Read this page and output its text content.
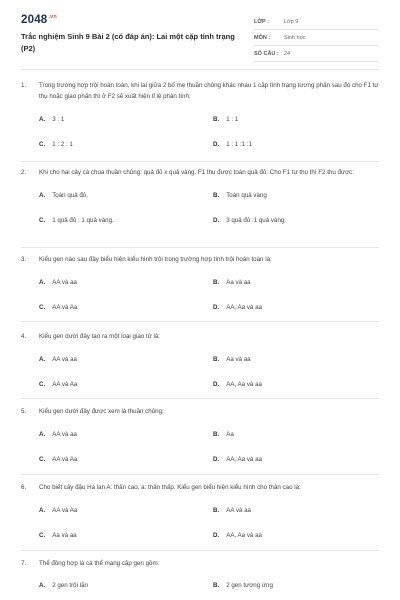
$2048^{.vn}$
Trắc nghiệm Sinh 9 Bài 2 (có đáp án): Lai một cặp tính trạng (P2)
LỚP :	Lớp 9
MÔN :	Sinh học
SỐ CÂU : 24
1.	Trong trường hợp trội hoàn toàn, khi lai giữa 2 bố mẹ thuần chủng khác nhau 1 cặp tính trạng tương phản sau đó cho F1 tự thụ hoặc giao phấn thì ở F2 sẽ xuất hiện tỉ lệ phân tính:
A. 3 : 1	B. 1 : 1
C. 1 : 2 : 1	D. 1 : 1 :1 :1
2.	Khi cho hai cây cà chua thuần chủng: quả đỏ x quả vàng. F1 thu được toàn quả đỏ. Cho F1 tự thụ thì F2 thu được:
A. Toàn quả đỏ.	B. Toàn quả vàng
C. 1 quả đỏ : 1 quả vàng.	D. 3 quả đỏ :1 quả vàng.
3.	Kiểu gen nào sau đây biểu hiện kiểu hình trội trong trường hợp tính trội hoàn toàn là:
A. AA và aa	B. Aa và aa
C. AA và Aa	D. AA, Aa và aa
4.	Kiểu gen dưới đây tạo ra một loại giao tử là:
A. AA và aa	B. Aa và aa
C. AA và Aa	D. AA, Aa và aa
5.	Kiểu gen dưới đây được xem là thuần chủng:
A. AA và aa	B. Aa
C. AA và Aa	D. AA, Aa và aa
6.	Cho biết cây đậu Hà lan A: thân cao, a: thân thấp. Kiểu gen biểu hiện kiểu hình cho thân cao là:
A. AA và Aa	B. AA và aa
C. Aa và aa	D. AA, Aa và aa
7.	Thể đồng hợp là cá thể mang cặp gen gồm:
A. 2 gen trội lặn	B. 2 gen tương ứng
